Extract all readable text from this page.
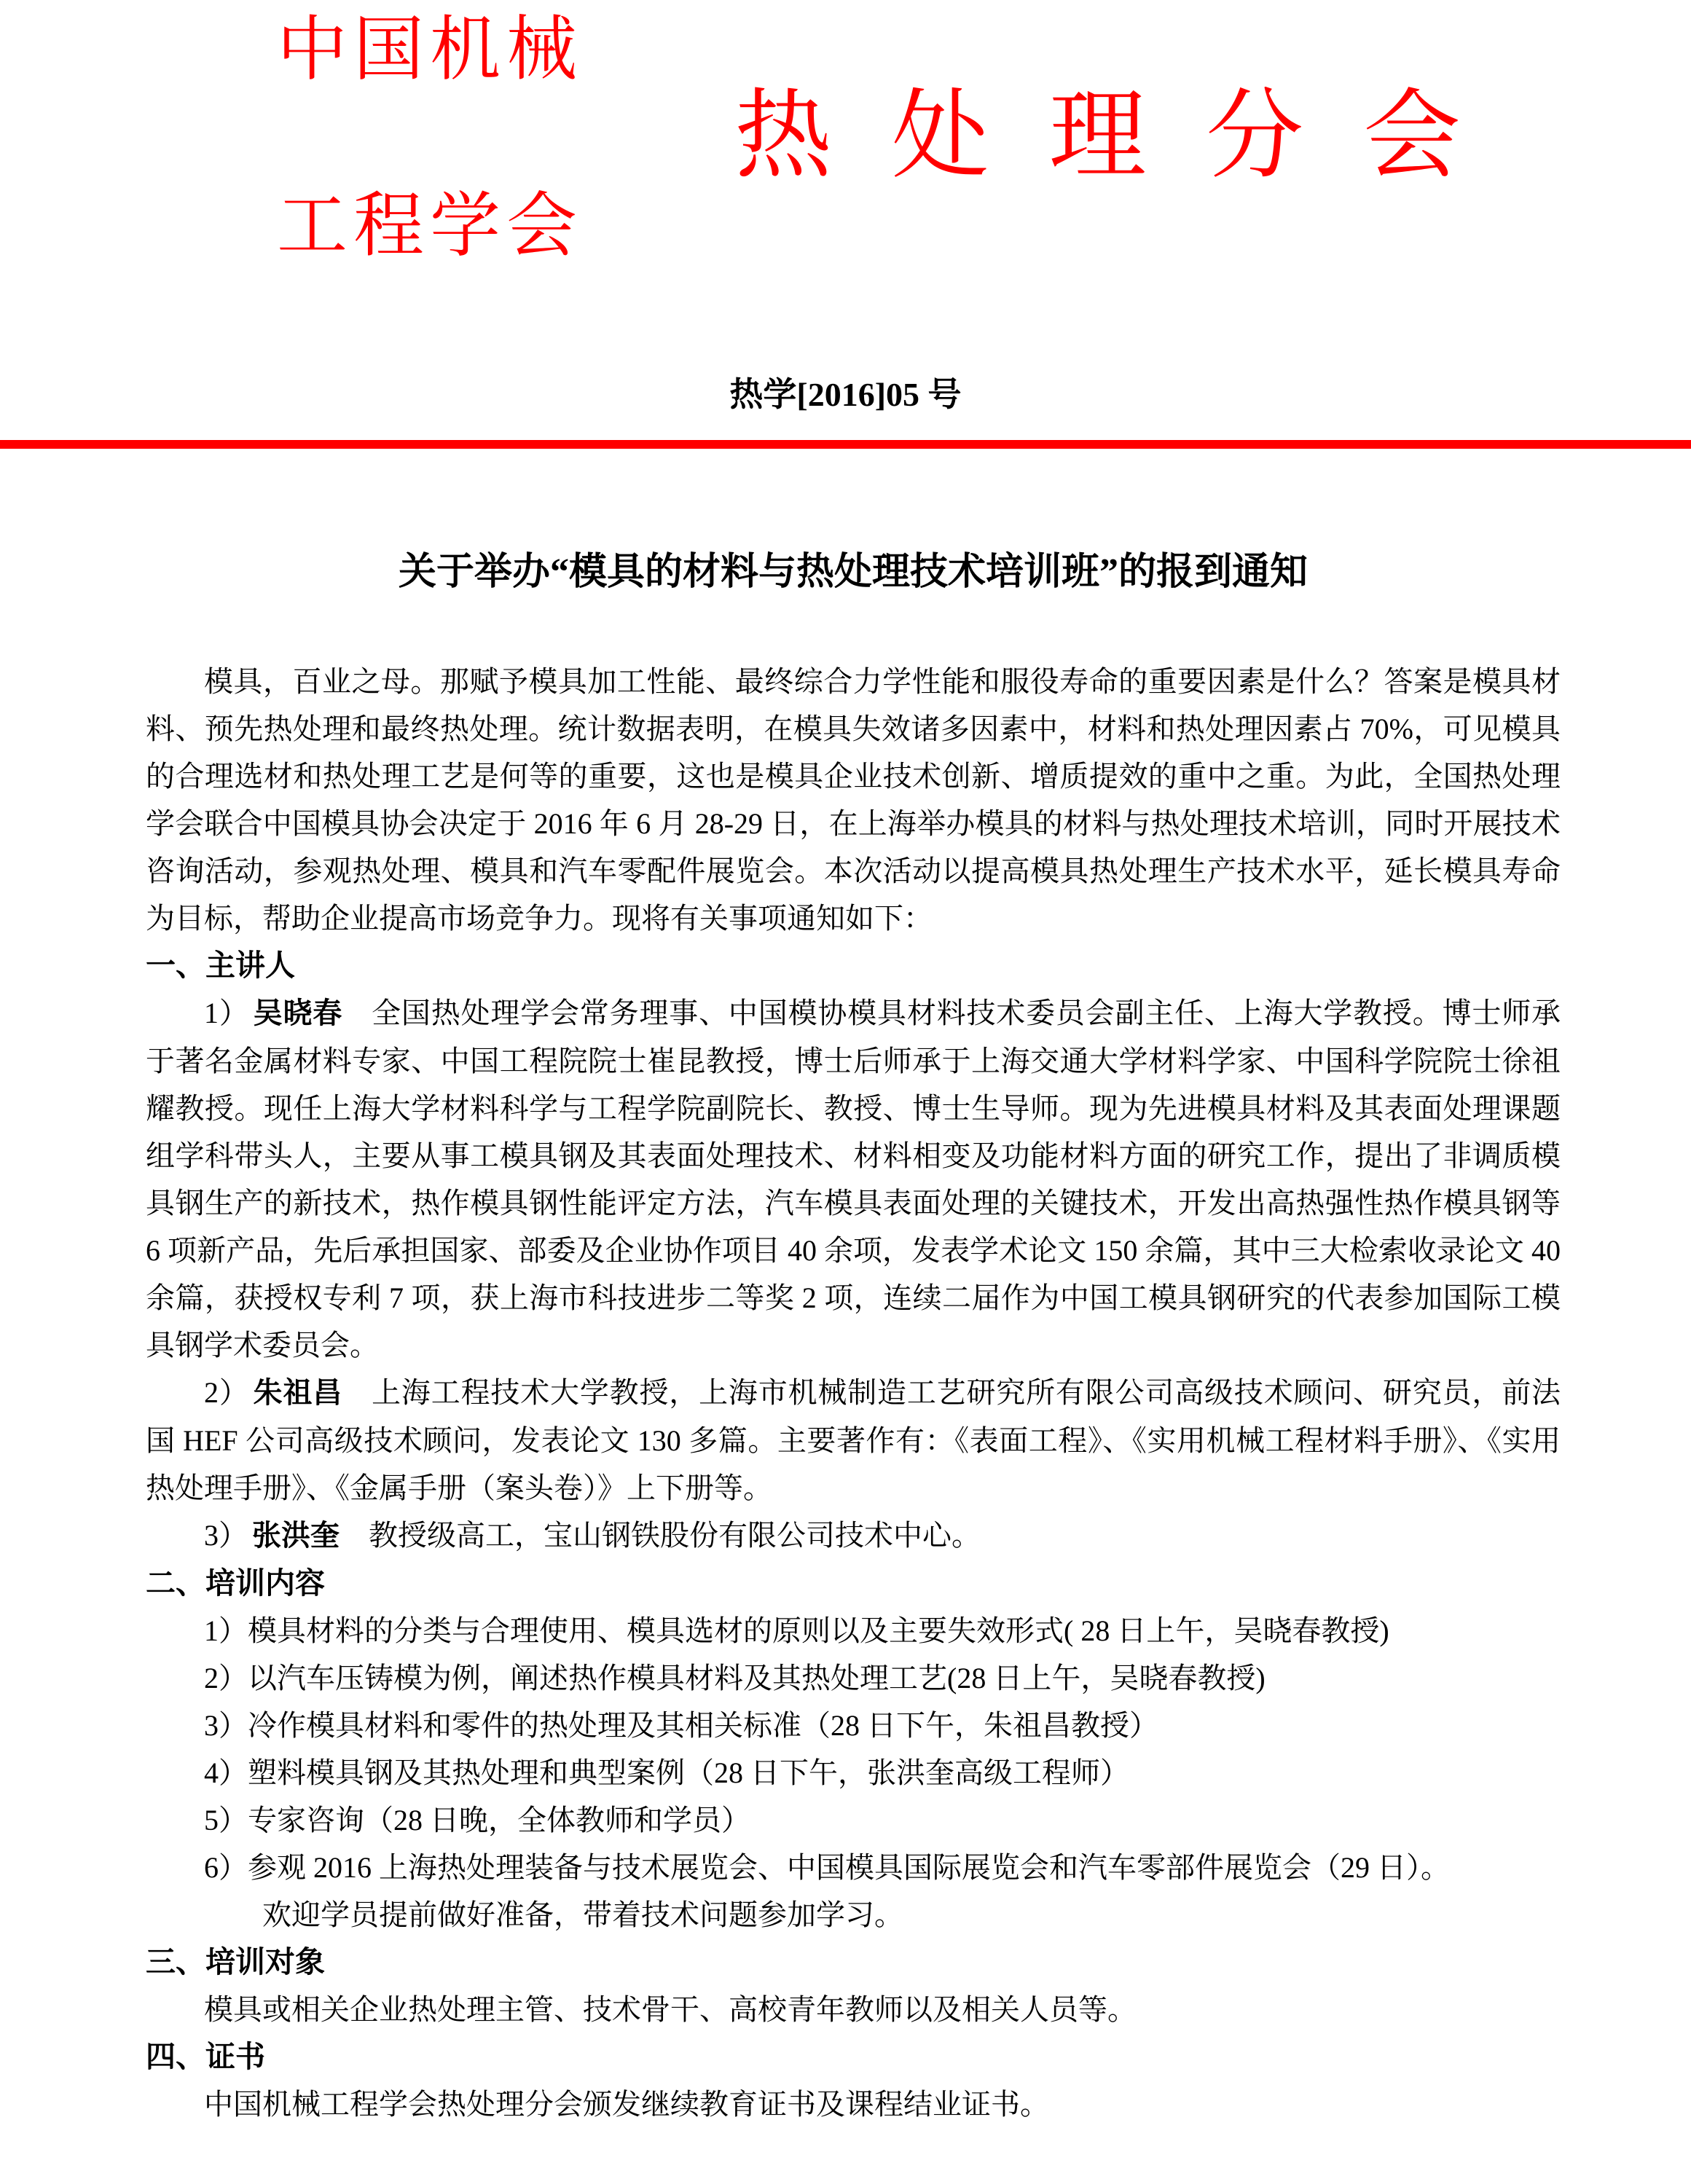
中国机械
工程学会
热 处 理 分 会
热学[2016]05 号
关于举办“模具的材料与热处理技术培训班”的报到通知

模具，百业之母。那赋予模具加工性能、最终综合力学性能和服役寿命的重要因素是什么？答案是模具材料、预先热处理和最终热处理。统计数据表明，在模具失效诸多因素中，材料和热处理因素占 70%，可见模具的合理选材和热处理工艺是何等的重要，这也是模具企业技术创新、增质提效的重中之重。为此，全国热处理学会联合中国模具协会决定于 2016 年 6 月 28-29 日，在上海举办模具的材料与热处理技术培训，同时开展技术咨询活动，参观热处理、模具和汽车零配件展览会。本次活动以提高模具热处理生产技术水平，延长模具寿命为目标，帮助企业提高市场竞争力。现将有关事项通知如下：

一、主讲人

1） 吴晓春 全国热处理学会常务理事、中国模协模具材料技术委员会副主任、上海大学教授。博士师承于著名金属材料专家、中国工程院院士崔昆教授，博士后师承于上海交通大学材料学家、中国科学院院士徐祖耀教授。现任上海大学材料科学与工程学院副院长、教授、博士生导师。现为先进模具材料及其表面处理课题组学科带头人，主要从事工模具钢及其表面处理技术、材料相变及功能材料方面的研究工作，提出了非调质模具钢生产的新技术，热作模具钢性能评定方法，汽车模具表面处理的关键技术，开发出高热强性热作模具钢等 6 项新产品，先后承担国家、部委及企业协作项目 40 余项，发表学术论文 150 余篇，其中三大检索收录论文 40 余篇，获授权专利 7 项，获上海市科技进步二等奖 2 项，连续二届作为中国工模具钢研究的代表参加国际工模具钢学术委员会。

2） 朱祖昌 上海工程技术大学教授，上海市机械制造工艺研究所有限公司高级技术顾问、研究员，前法国 HEF 公司高级技术顾问，发表论文 130 多篇。主要著作有：《表面工程》、《实用机械工程材料手册》、《实用热处理手册》、《金属手册（案头卷）》上下册等。

3） 张洪奎 教授级高工，宝山钢铁股份有限公司技术中心。

二、培训内容

1）模具材料的分类与合理使用、模具选材的原则以及主要失效形式( 28 日上午，吴晓春教授)

2）以汽车压铸模为例，阐述热作模具材料及其热处理工艺(28 日上午，吴晓春教授)

3）冷作模具材料和零件的热处理及其相关标准（28 日下午，朱祖昌教授）

4）塑料模具钢及其热处理和典型案例（28 日下午，张洪奎高级工程师）

5）专家咨询（28 日晚，全体教师和学员）

6）参观 2016 上海热处理装备与技术展览会、中国模具国际展览会和汽车零部件展览会（29 日）。

欢迎学员提前做好准备，带着技术问题参加学习。

三、培训对象

模具或相关企业热处理主管、技术骨干、高校青年教师以及相关人员等。

四、证书

中国机械工程学会热处理分会颁发继续教育证书及课程结业证书。
